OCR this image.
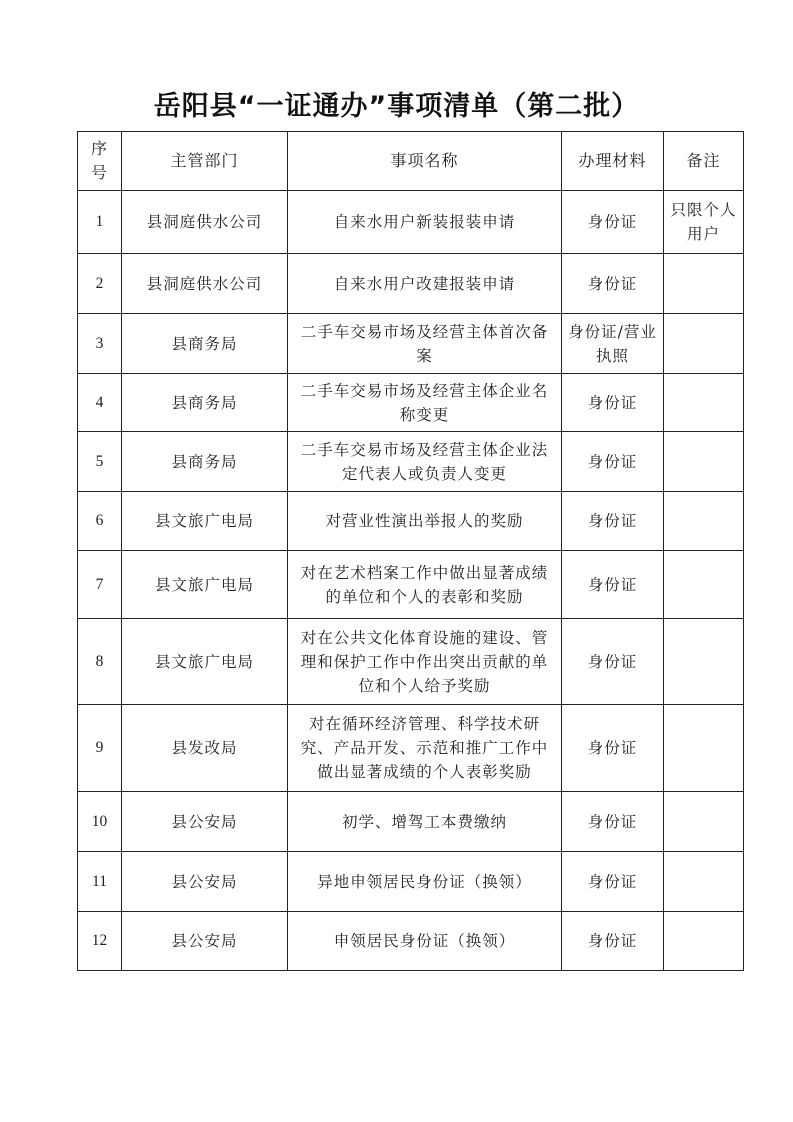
岳阳县“一证通办”事项清单（第二批）
序号	主管部门	事项名称	办理材料	备注
1	县洞庭供水公司	自来水用户新装报装申请	身份证	只限个人用户
2	县洞庭供水公司	自来水用户改建报装申请	身份证	
3	县商务局	二手车交易市场及经营主体首次备案	身份证/营业执照	
4	县商务局	二手车交易市场及经营主体企业名称变更	身份证	
5	县商务局	二手车交易市场及经营主体企业法定代表人或负责人变更	身份证	
6	县文旅广电局	对营业性演出举报人的奖励	身份证	
7	县文旅广电局	对在艺术档案工作中做出显著成绩的单位和个人的表彰和奖励	身份证	
8	县文旅广电局	对在公共文化体育设施的建设、管理和保护工作中作出突出贡献的单位和个人给予奖励	身份证	
9	县发改局	对在循环经济管理、科学技术研究、产品开发、示范和推广工作中做出显著成绩的个人表彰奖励	身份证	
10	县公安局	初学、增驾工本费缴纳	身份证	
11	县公安局	异地申领居民身份证（换领）	身份证	
12	县公安局	申领居民身份证（换领）	身份证	
